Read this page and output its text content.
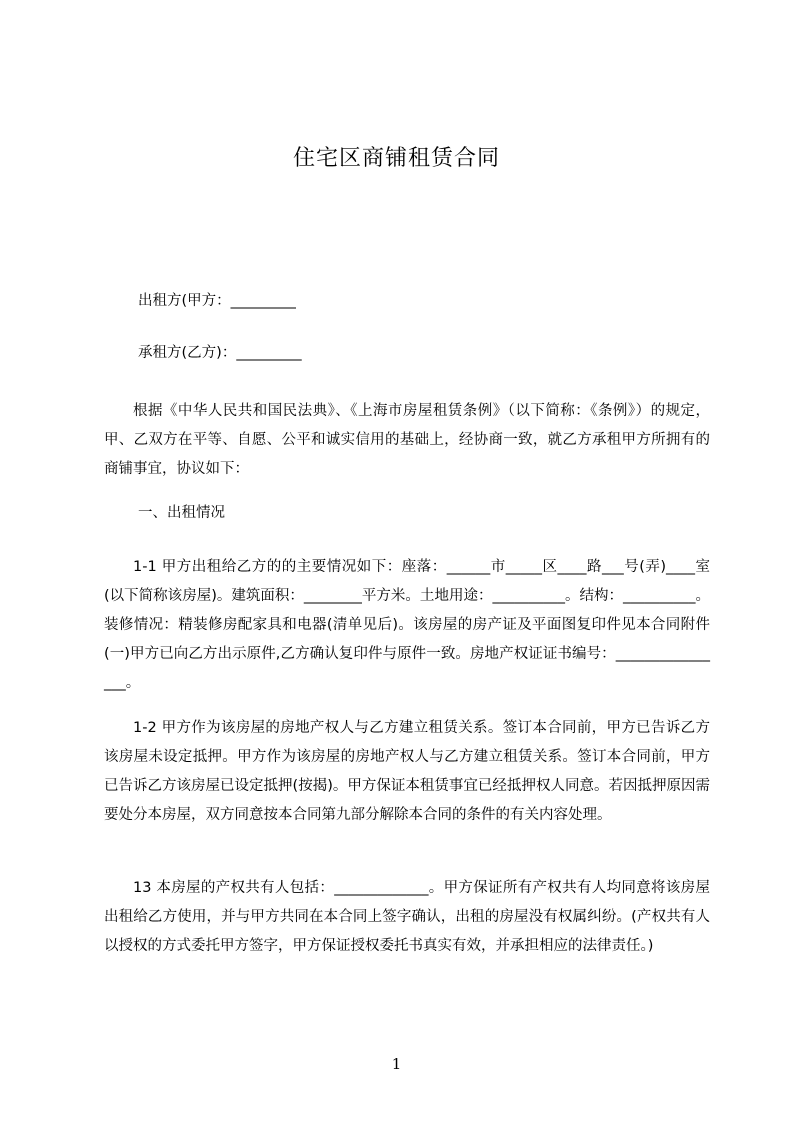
住宅区商铺租赁合同
出租方(甲方：_________
承租方(乙方)：_________
根据《中华人民共和国民法典》、《上海市房屋租赁条例》（以下简称：《条例》）的规定，甲、乙双方在平等、自愿、公平和诚实信用的基础上，经协商一致，就乙方承租甲方所拥有的商铺事宜，协议如下：
一、出租情况
1-1 甲方出租给乙方的的主要情况如下：座落：______市_____区____路___号(弄)____室(以下简称该房屋)。建筑面积：________平方米。土地用途：__________。结构：__________。装修情况：精装修房配家具和电器(清单见后)。该房屋的房产证及平面图复印件见本合同附件(一)甲方已向乙方出示原件,乙方确认复印件与原件一致。房地产权证证书编号：________________。
1-2 甲方作为该房屋的房地产权人与乙方建立租赁关系。签订本合同前，甲方已告诉乙方该房屋未设定抵押。甲方作为该房屋的房地产权人与乙方建立租赁关系。签订本合同前，甲方已告诉乙方该房屋已设定抵押(按揭)。甲方保证本租赁事宜已经抵押权人同意。若因抵押原因需要处分本房屋，双方同意按本合同第九部分解除本合同的条件的有关内容处理。
13 本房屋的产权共有人包括：_____________。甲方保证所有产权共有人均同意将该房屋出租给乙方使用，并与甲方共同在本合同上签字确认，出租的房屋没有权属纠纷。(产权共有人以授权的方式委托甲方签字，甲方保证授权委托书真实有效，并承担相应的法律责任。)
1
